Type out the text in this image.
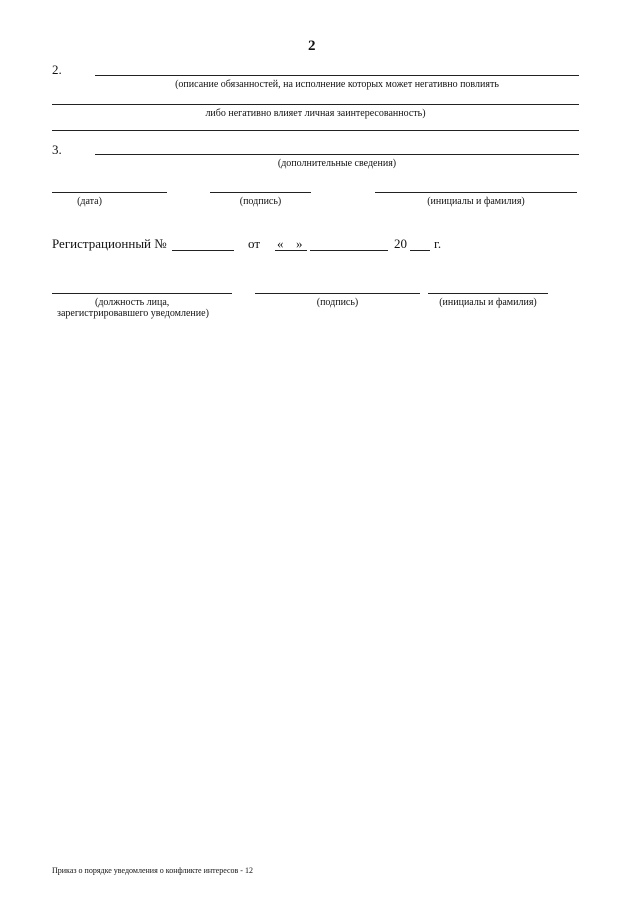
2
2.
(описание обязанностей, на исполнение которых может негативно повлиять
либо негативно влияет личная заинтересованность)
3.
(дополнительные сведения)
(дата)	(подпись)	(инициалы и фамилия)
Регистрационный №	от « »	20 г.
(должность лица,
зарегистрировавшего уведомление)
(подпись)	(инициалы и фамилия)
Приказ о порядке уведомления о конфликте интересов - 12
